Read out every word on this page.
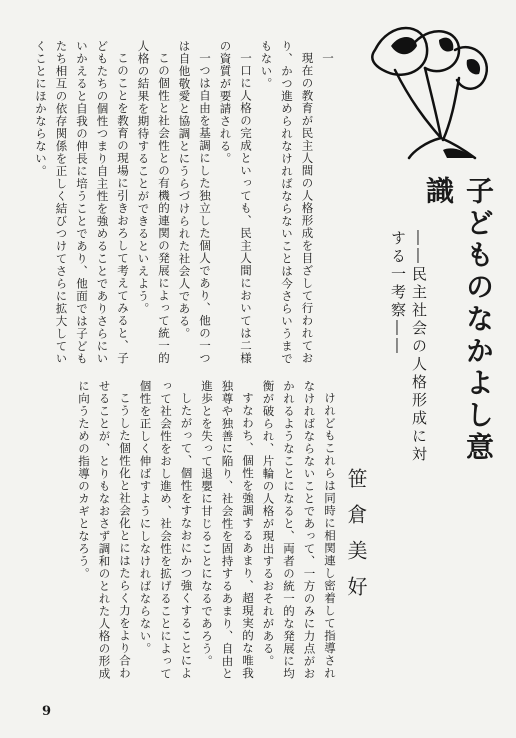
子どものなかよし意識
――民主社会の人格形成に対する一考察――
笹倉美好

一

現在の教育が民主人間の人格形成を目ざして行われており、かつ進められなければならないことは今さらいうまでもない。

一口に人格の完成といっても、民主人間においては二様の資質が要請される。

一つは自由を基調にした独立した個人であり、他の一つは自他敬愛と協調とにうらづけられた社会人である。

この個性と社会性との有機的連関の発展によって統一的人格の結果を期待することができるといえよう。

このことを教育の現場に引きおろして考えてみると、子どもたちの個性つまり自主性を強めることでありさらにいいかえると自我の伸長に培うことであり、他面では子どもたち相互の依存関係を正しく結びつけてさらに拡大していくことにほかならない。

けれどもこれらは同時に相関連し密着して指導されなければならないことであって、一方のみに力点がおかれるようなことになると、両者の統一的な発展に均衡が破られ、片輪の人格が現出するおそれがある。

すなわち、個性を強調するあまり、超現実的な唯我独尊や独善に陥り、社会性を固持するあまり、自由と進歩とを失って退嬰に甘じることになるであろう。

したがって、個性をすなおにかつ強くすることによって社会性をおし進め、社会性を拡げることによって個性を正しく伸ばすようにしなければならない。

こうした個性化と社会化とにはたらく力をより合わせることが、とりもなおさず調和のとれた人格の形成に向うための指導のカギとなろう。

9
